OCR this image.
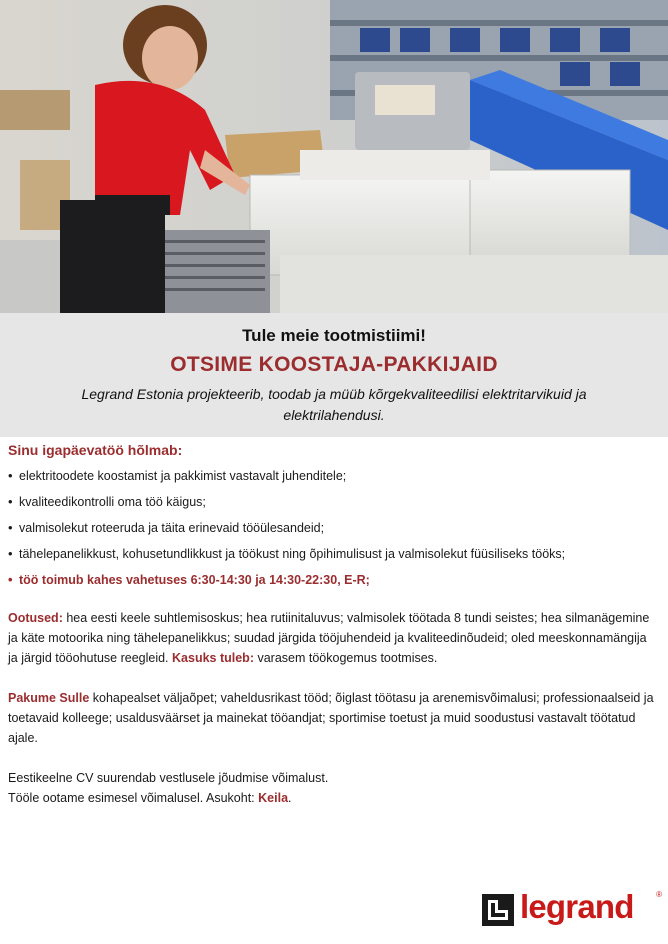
Tule meie tootmistiimi!
OTSIME KOOSTAJA-PAKKIJAID
Legrand Estonia projekteerib, toodab ja müüb kõrgekvaliteedilisi elektritarvikuid ja elektrilahendusi.
Sinu igapäevatöö hõlmab:
• elektritoodete koostamist ja pakkimist vastavalt juhenditele;
• kvaliteedikontrolli oma töö käigus;
• valmisolekut roteeruda ja täita erinevaid tööülesandeid;
• tähelepanelikkust, kohusetundlikkust ja töökust ning õpihimulisust ja valmisolekut füüsiliseks tööks;
• töö toimub kahes vahetuses 6:30-14:30 ja 14:30-22:30, E-R;

Ootused: hea eesti keele suhtlemisoskus; hea rutiinitaluvus; valmisolek töötada 8 tundi seistes; hea silmanägemine ja käte motoorika ning tähelepanelikkus; suudad järgida tööjuhendeid ja kvaliteedinõudeid; oled meeskonnamängija ja järgid tööohutuse reegleid. Kasuks tuleb: varasem töökogemus tootmises.

Pakume Sulle kohapealset väljaõpet; vaheldusrikast tööd; õiglast töötasu ja arenemisvõimalusi; professionaalseid ja toetavaid kolleege; usaldusväärset ja mainekat tööandjat; sportimise toetust ja muid soodustusi vastavalt töötatud ajale.

Eestikeelne CV suurendab vestlusele jõudmise võimalust.

Tööle ootame esimesel võimalusel. Asukoht: Keila.

legrand	®
